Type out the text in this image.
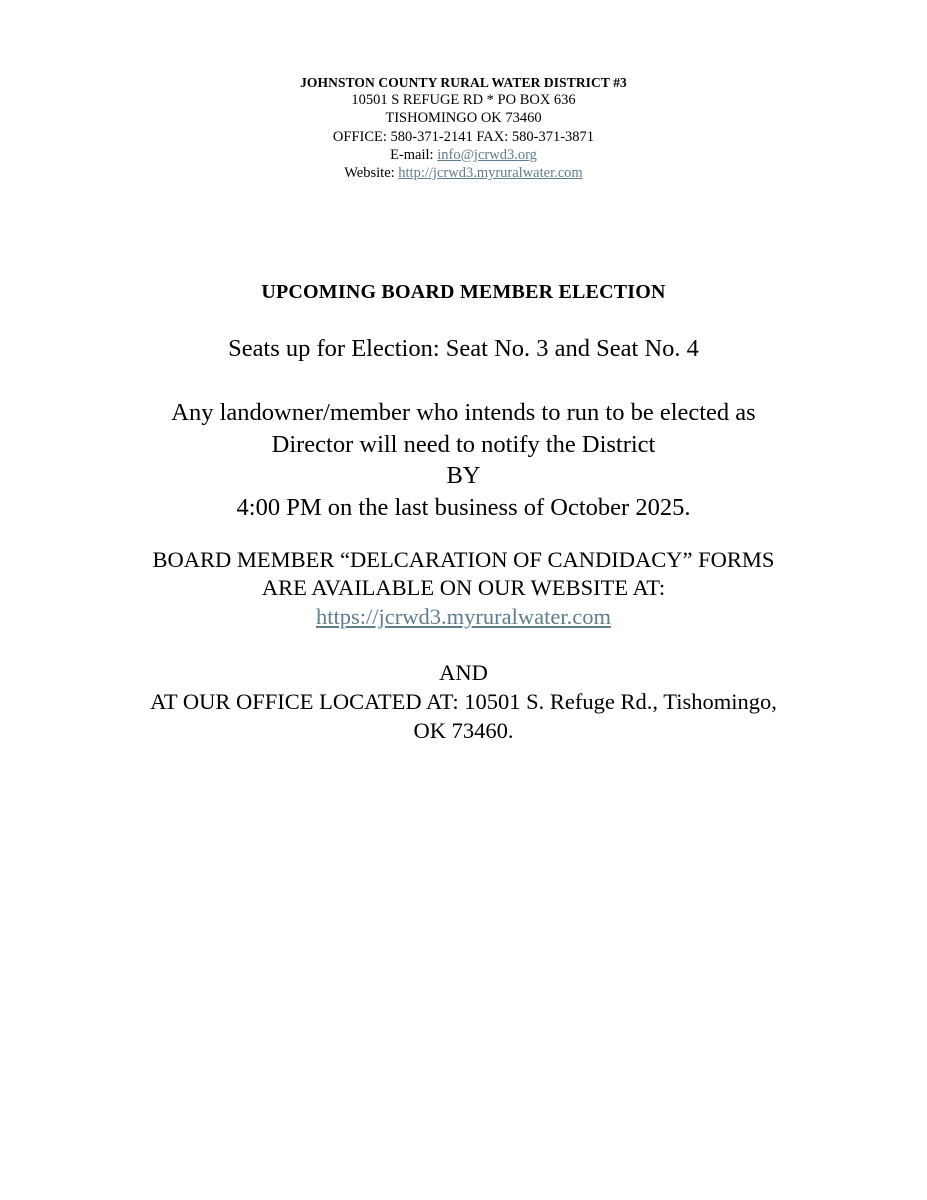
JOHNSTON COUNTY RURAL WATER DISTRICT #3
10501 S REFUGE RD * PO BOX 636
TISHOMINGO OK 73460
OFFICE: 580-371-2141 FAX: 580-371-3871
E-mail: info@jcrwd3.org
Website: http://jcrwd3.myruralwater.com
UPCOMING BOARD MEMBER ELECTION
Seats up for Election: Seat No. 3 and Seat No. 4
Any landowner/member who intends to run to be elected as
Director will need to notify the District
BY
4:00 PM on the last business of October 2025.
BOARD MEMBER “DELCARATION OF CANDIDACY” FORMS
ARE AVAILABLE ON OUR WEBSITE AT:
https://jcrwd3.myruralwater.com
AND
AT OUR OFFICE LOCATED AT: 10501 S. Refuge Rd., Tishomingo,
OK 73460.
